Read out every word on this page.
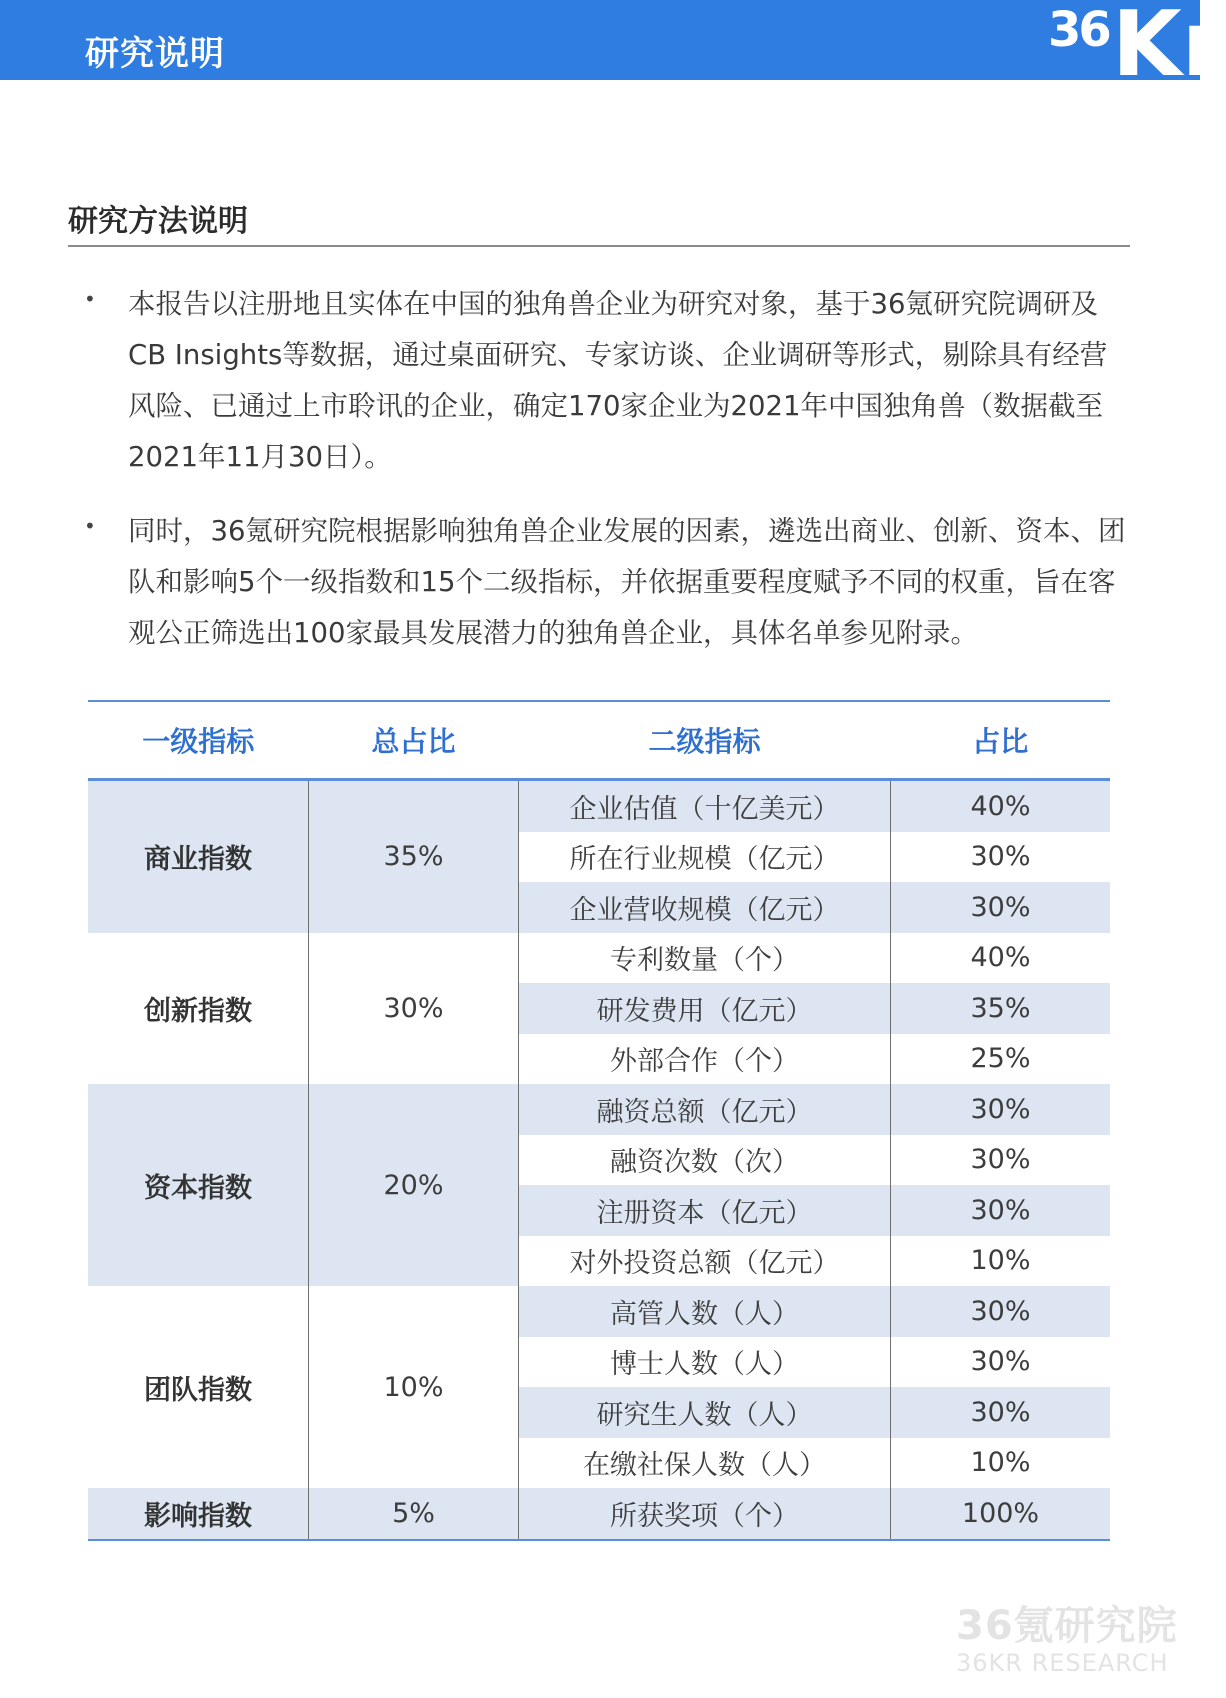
研究说明	36 Kr
研究方法说明
• 本报告以注册地且实体在中国的独角兽企业为研究对象，基于36氪研究院调研及CB Insights等数据，通过桌面研究、专家访谈、企业调研等形式，剔除具有经营风险、已通过上市聆讯的企业，确定170家企业为2021年中国独角兽（数据截至2021年11月30日）。

• 同时，36氪研究院根据影响独角兽企业发展的因素，遴选出商业、创新、资本、团队和影响5个一级指数和15个二级指标，并依据重要程度赋予不同的权重，旨在客观公正筛选出100家最具发展潜力的独角兽企业，具体名单参见附录。

一级指标	总占比	二级指标	占比
商业指数	35%	企业估值（十亿美元）	40%
		所在行业规模（亿元）	30%
		企业营收规模（亿元）	30%
创新指数	30%	专利数量（个）	40%
		研发费用（亿元）	35%
		外部合作（个）	25%
资本指数	20%	融资总额（亿元）	30%
		融资次数（次）	30%
		注册资本（亿元）	30%
		对外投资总额（亿元）	10%
团队指数	10%	高管人数（人）	30%
		博士人数（人）	30%
		研究生人数（人）	30%
		在缴社保人数（人）	10%
影响指数	5%	所获奖项（个）	100%
36氪研究院
36KR RESEARCH
